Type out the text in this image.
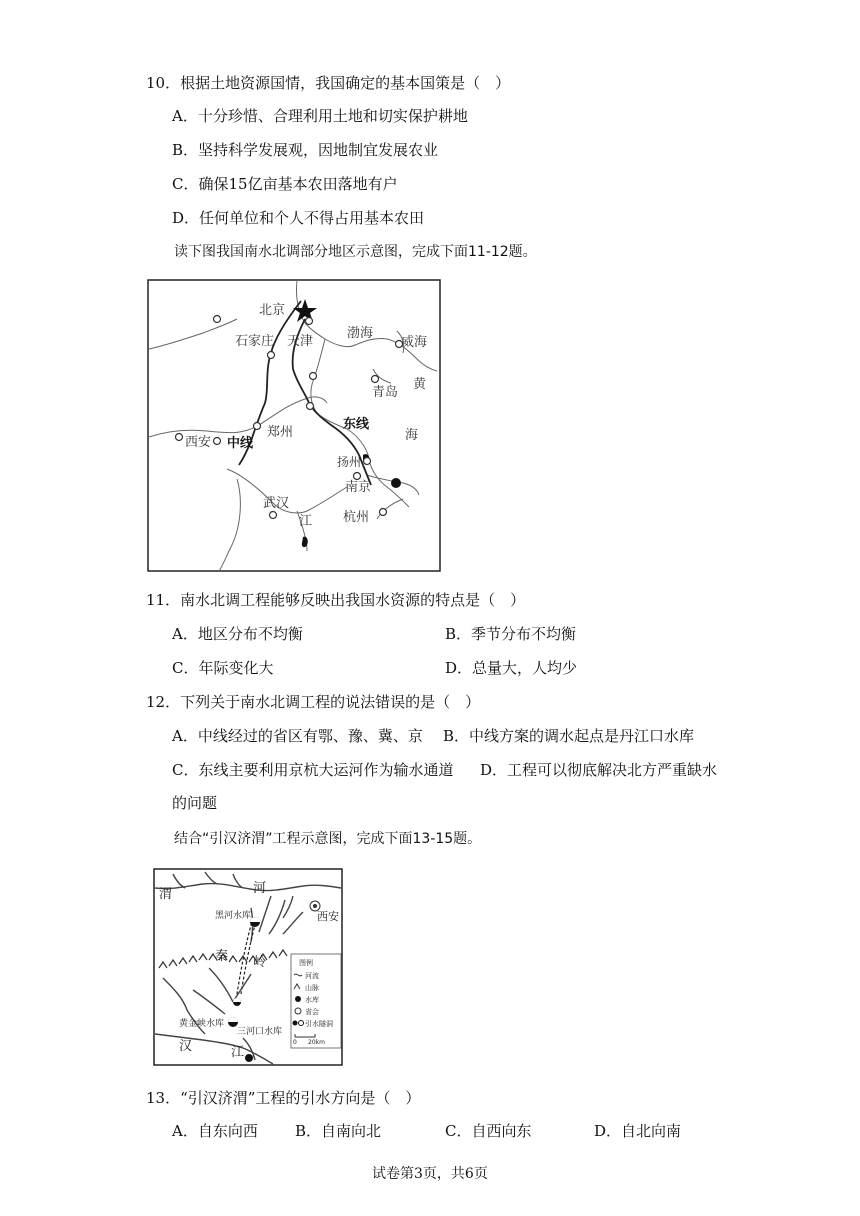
10．根据土地资源国情，我国确定的基本国策是（　）
A．十分珍惜、合理利用土地和切实保护耕地
B．坚持科学发展观，因地制宜发展农业
C．确保15亿亩基本农田落地有户
D．任何单位和个人不得占用基本农田
读下图我国南水北调部分地区示意图，完成下面11-12题。
北京
石家庄 天津
渤海
威海
青岛
黄
海
东线
郑州
西安 中线
扬州
南京
武汉
江 杭州
11．南水北调工程能够反映出我国水资源的特点是（　）
A．地区分布不均衡	B．季节分布不均衡
C．年际变化大	D．总量大，人均少
12．下列关于南水北调工程的说法错误的是（　）
A．中线经过的省区有鄂、豫、冀、京 B．中线方案的调水起点是丹江口水库
C．东线主要利用京杭大运河作为输水通道 D．工程可以彻底解决北方严重缺水
的问题
结合“引汉济渭”工程示意图，完成下面13-15题。
渭	河
黑河水库	西安
秦 岭
黄金峡水库
三河口水库
汉	江
图例
河流
山脉
水库
省会
引水隧洞
0 20km
13．“引汉济渭”工程的引水方向是（　）
A．自东向西 B．自南向北	C．自西向东	D．自北向南
试卷第3页，共6页
